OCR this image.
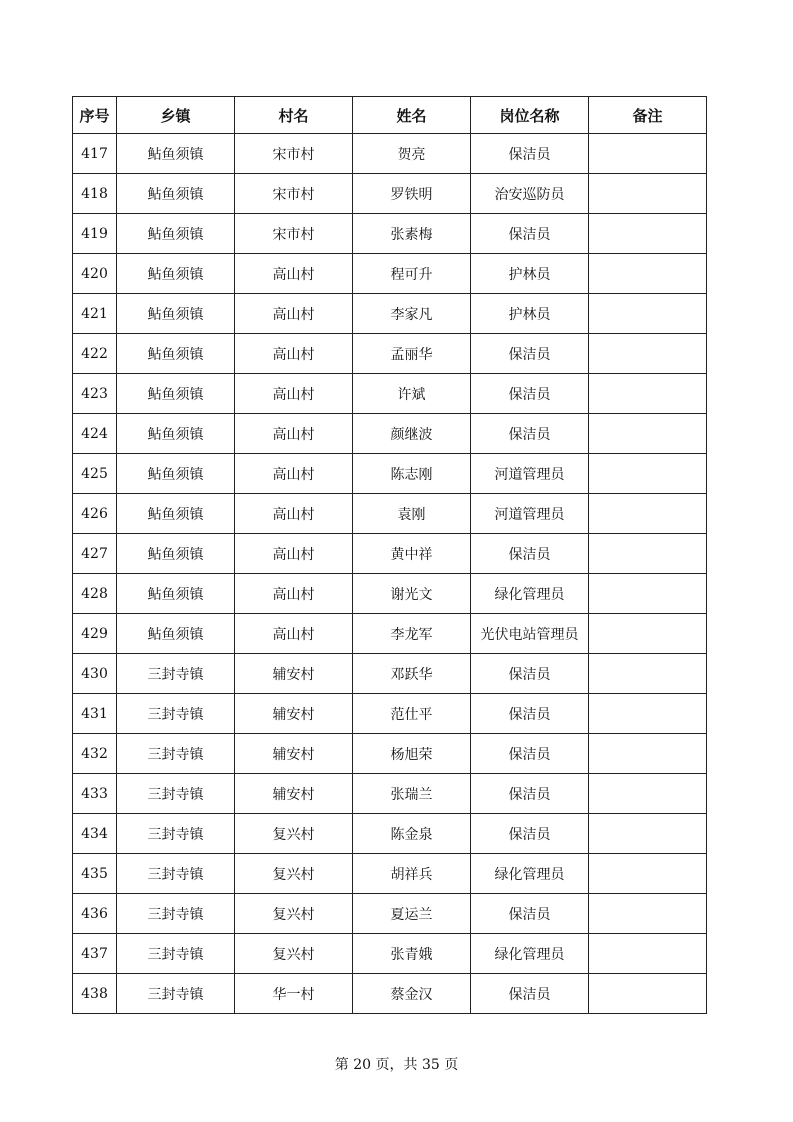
序号	乡镇	村名	姓名	岗位名称	备注
417	鲇鱼须镇	宋市村	贺亮	保洁员	
418	鲇鱼须镇	宋市村	罗铁明	治安巡防员	
419	鲇鱼须镇	宋市村	张素梅	保洁员	
420	鲇鱼须镇	高山村	程可升	护林员	
421	鲇鱼须镇	高山村	李家凡	护林员	
422	鲇鱼须镇	高山村	孟丽华	保洁员	
423	鲇鱼须镇	高山村	许斌	保洁员	
424	鲇鱼须镇	高山村	颜继波	保洁员	
425	鲇鱼须镇	高山村	陈志刚	河道管理员	
426	鲇鱼须镇	高山村	袁刚	河道管理员	
427	鲇鱼须镇	高山村	黄中祥	保洁员	
428	鲇鱼须镇	高山村	谢光文	绿化管理员	
429	鲇鱼须镇	高山村	李龙军	光伏电站管理员	
430	三封寺镇	辅安村	邓跃华	保洁员	
431	三封寺镇	辅安村	范仕平	保洁员	
432	三封寺镇	辅安村	杨旭荣	保洁员	
433	三封寺镇	辅安村	张瑞兰	保洁员	
434	三封寺镇	复兴村	陈金泉	保洁员	
435	三封寺镇	复兴村	胡祥兵	绿化管理员	
436	三封寺镇	复兴村	夏运兰	保洁员	
437	三封寺镇	复兴村	张青娥	绿化管理员	
438	三封寺镇	华一村	蔡金汉	保洁员	
第 20 页，共 35 页
